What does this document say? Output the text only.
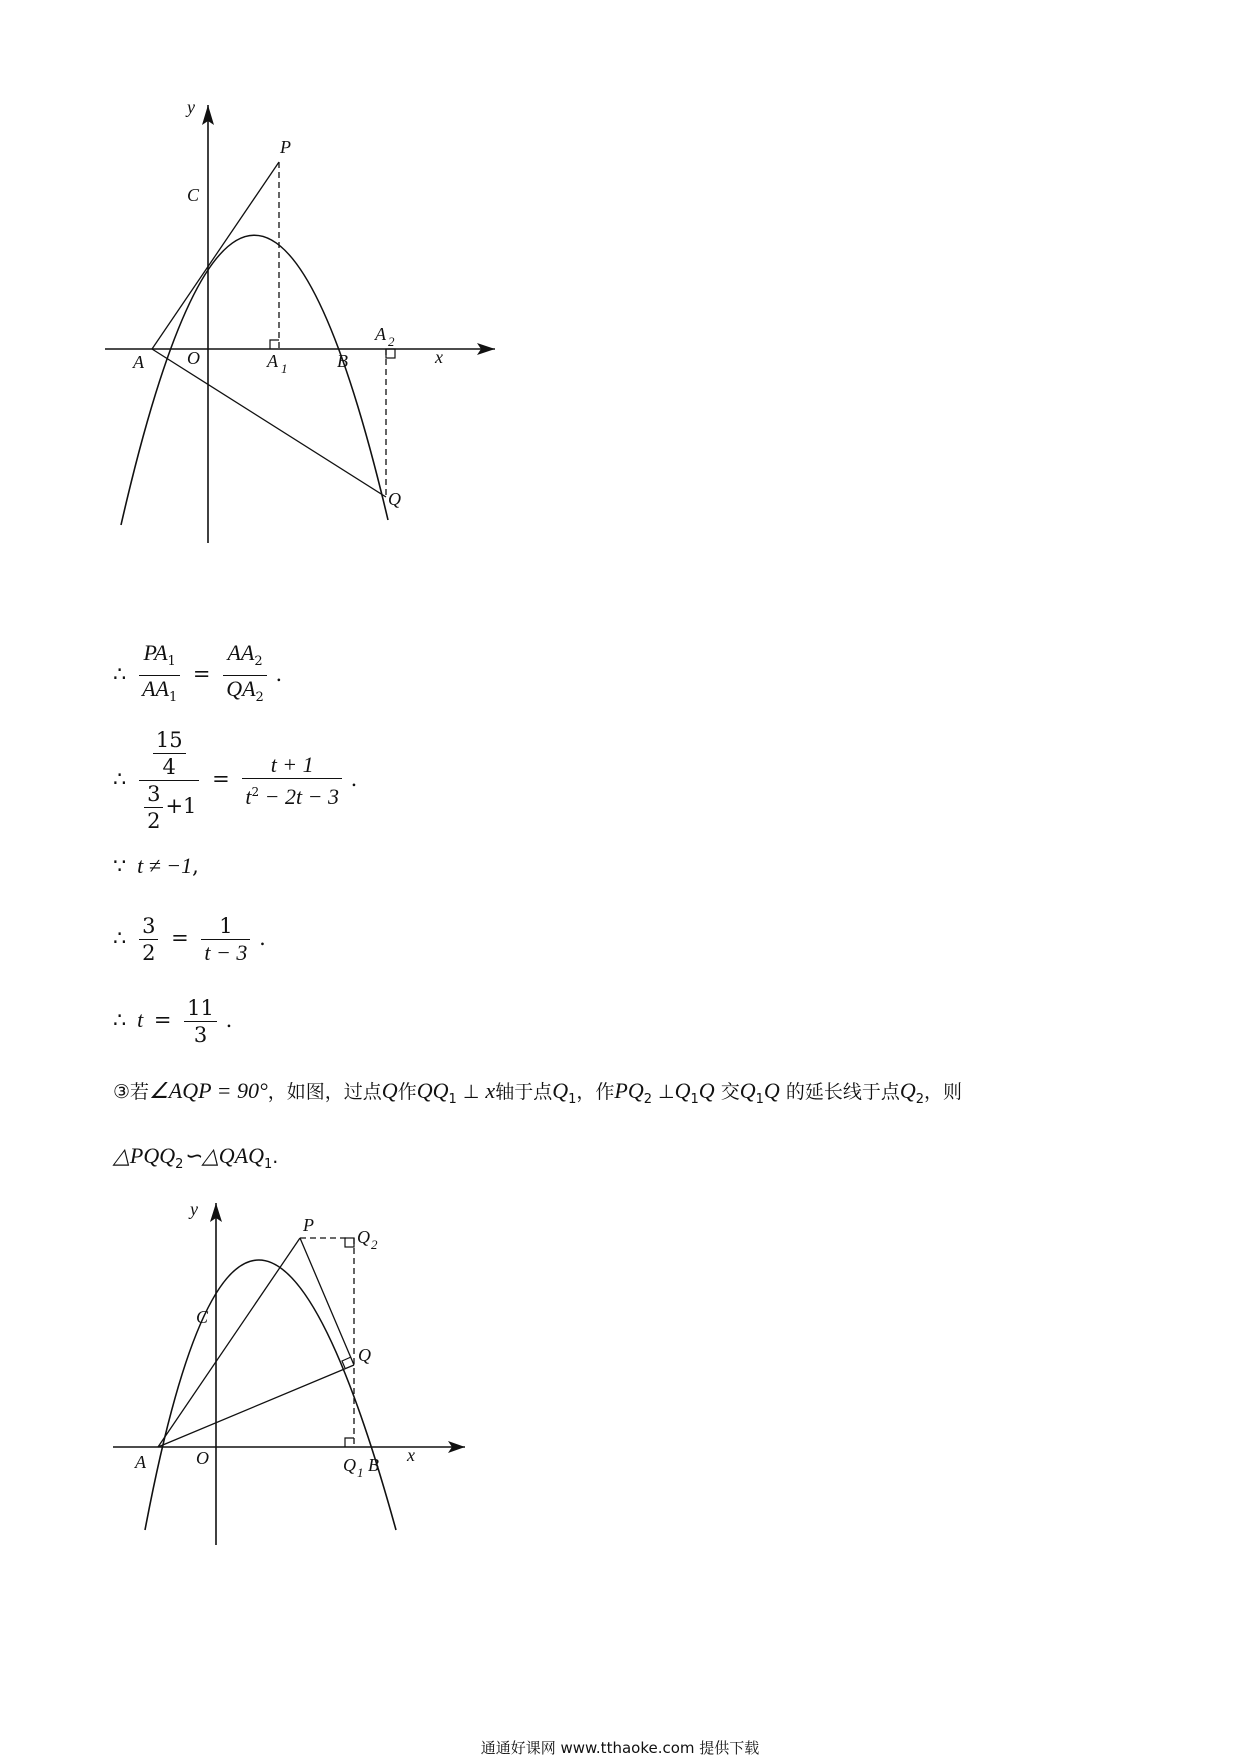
y
x
P
C
A O	A 1	B
A 2
Q
∴ $\frac{PA_1}{AA_1} = \frac{AA_2}{QA_2}$ .
∴ $\frac{\frac{15}{4}}{\frac{3}{2} +1} = \frac{t + 1}{t^2 - 2t - 3}$ .
∵ t ≠ −1,
∴ $\frac{3}{2} = \frac{1}{t - 3}$ .
∴ $t = \frac{11}{3}$ .
③若∠AQP = 90°，如图，过点Q作$QQ_1$ ⊥ x轴于点$Q_1$，作$PQ_2$ $\perp Q_1Q$ 交$Q_1Q$ 的延长线于点$Q_2$，则
$\triangle PQQ_2∽\triangle QAQ_1$.
y
x
P
Q 2
C
Q
A	O	Q 1 B
通通好课网 www.tthaoke.com 提供下载
